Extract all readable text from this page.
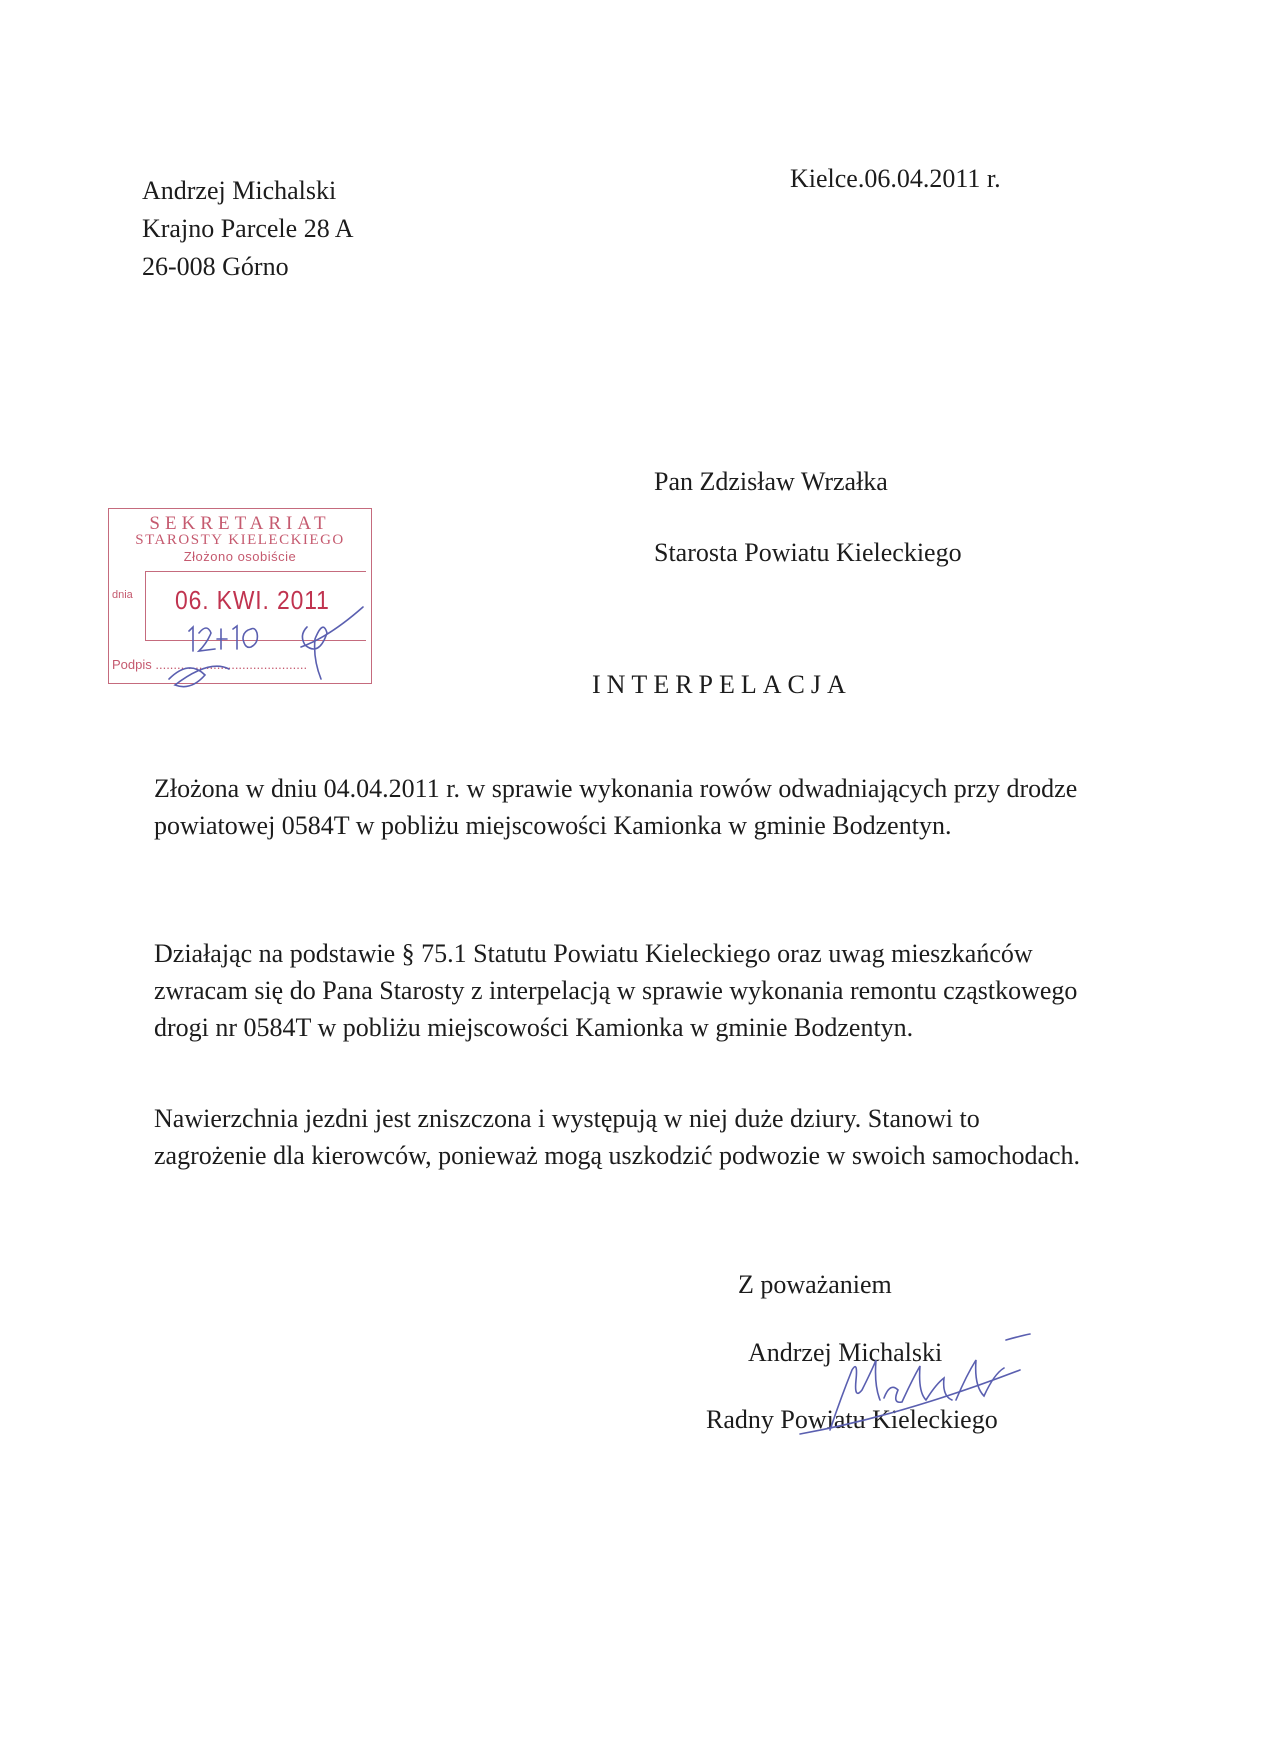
Andrzej Michalski
Krajno Parcele 28 A
26-008 Górno
Kielce.06.04.2011 r.
Pan Zdzisław Wrzałka
Starosta Powiatu Kieleckiego
SEKRETARIAT
STAROSTY KIELECKIEGO
Złożono osobiście
dnia 06. KWI. 2011
Podpis ..........................................
INTERPELACJA
Złożona w dniu 04.04.2011 r. w sprawie wykonania rowów odwadniających przy drodze powiatowej 0584T w pobliżu miejscowości Kamionka w gminie Bodzentyn.
Działając na podstawie § 75.1 Statutu Powiatu Kieleckiego oraz uwag mieszkańców zwracam się do Pana Starosty z interpelacją w sprawie wykonania remontu cząstkowego drogi nr 0584T w pobliżu miejscowości Kamionka w gminie Bodzentyn.
Nawierzchnia jezdni jest zniszczona i występują w niej duże dziury. Stanowi to zagrożenie dla kierowców, ponieważ mogą uszkodzić podwozie w swoich samochodach.
Z poważaniem
Andrzej Michalski
Radny Powiatu Kieleckiego
